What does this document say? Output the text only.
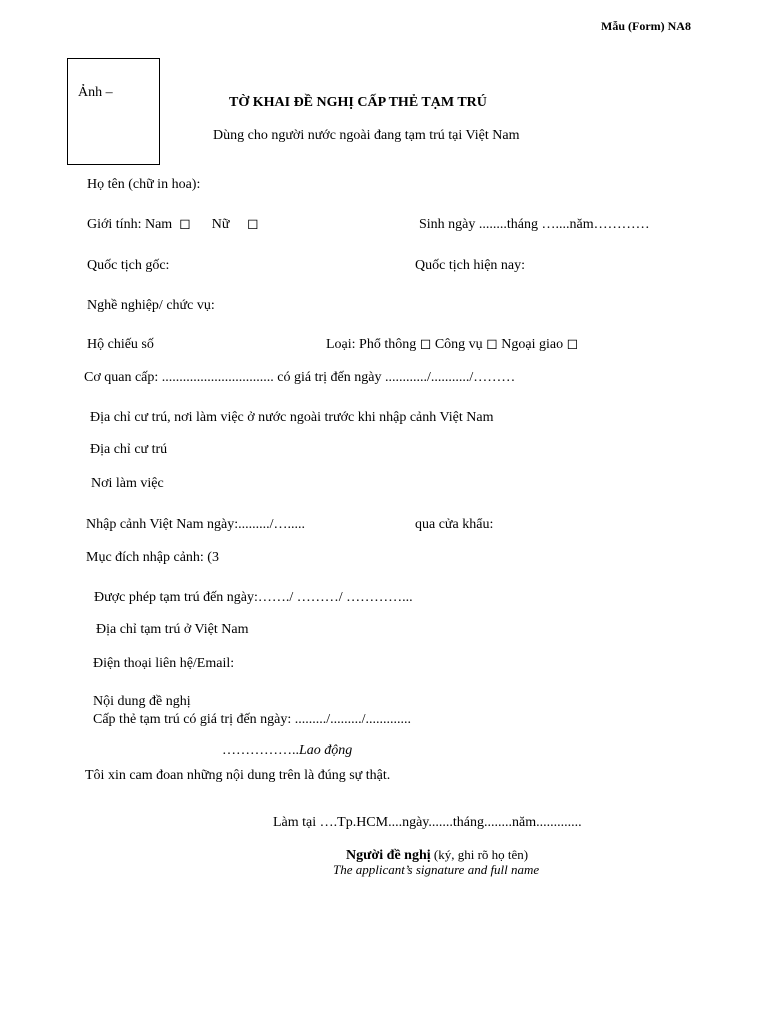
Mẫu (Form) NA8
Ảnh –
TỜ KHAI ĐỀ NGHỊ CẤP THẺ TẠM TRÚ
Dùng cho người nước ngoài đang tạm trú tại Việt Nam
Họ tên (chữ in hoa):
Giới tính: Nam  ◻      Nữ     ◻	Sinh ngày ........tháng …....năm…………
Quốc tịch gốc:	Quốc tịch hiện nay:
Nghề nghiệp/ chức vụ:
Hộ chiếu số	Loại: Phổ thông ◻ Công vụ ◻ Ngoại giao ◻
Cơ quan cấp: ................................ có giá trị đến ngày ............/.........../………
Địa chỉ cư trú, nơi làm việc ở nước ngoài trước khi nhập cảnh Việt Nam
Địa chỉ cư trú
Nơi làm việc
Nhập cảnh Việt Nam ngày:........./….....	qua cửa khẩu:
Mục đích nhập cảnh: (3
Được phép tạm trú đến ngày:……./ ………/ …………...
Địa chỉ tạm trú ở Việt Nam
Điện thoại liên hệ/Email:
Nội dung đề nghị
Cấp thẻ tạm trú có giá trị đến ngày: ........./........./.............
……………..Lao động
Tôi xin cam đoan những nội dung trên là đúng sự thật.
Làm tại ….Tp.HCM....ngày.......tháng........năm.............
Người đề nghị (ký, ghi rõ họ tên)
The applicant’s signature and full name
